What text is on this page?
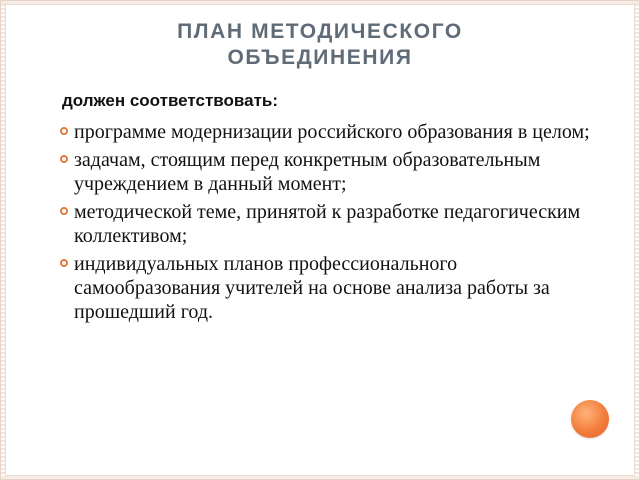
ПЛАН МЕТОДИЧЕСКОГО
ОБЪЕДИНЕНИЯ

должен соответствовать:

программе модернизации российского образования в целом;
задачам, стоящим перед конкретным образовательным учреждением в данный момент;
методической теме, принятой к разработке педагогическим коллективом;
индивидуальных планов профессионального самообразования учителей на основе анализа работы за прошедший год.
